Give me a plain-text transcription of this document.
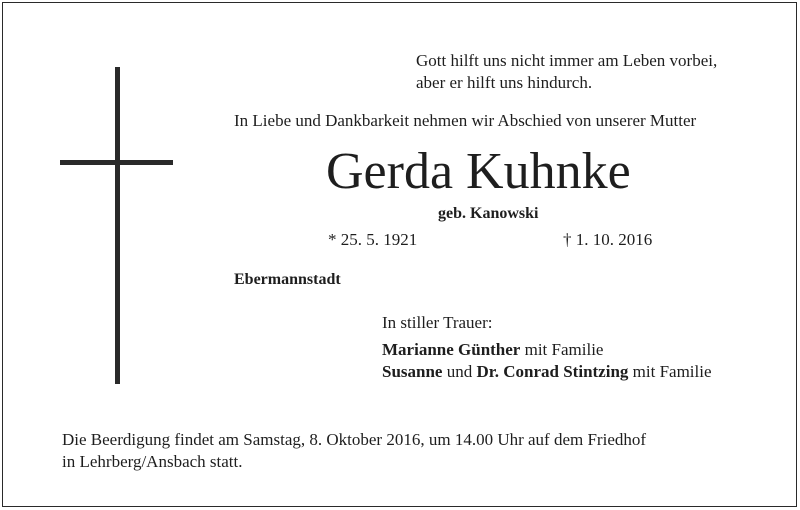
Gott hilft uns nicht immer am Leben vorbei,
aber er hilft uns hindurch.

In Liebe und Dankbarkeit nehmen wir Abschied von unserer Mutter

Gerda Kuhnke

geb. Kanowski

* 25. 5. 1921	† 1. 10. 2016

Ebermannstadt

In stiller Trauer:

Marianne Günther mit Familie

Susanne und Dr. Conrad Stintzing mit Familie

Die Beerdigung findet am Samstag, 8. Oktober 2016, um 14.00 Uhr auf dem Friedhof
in Lehrberg/Ansbach statt.
